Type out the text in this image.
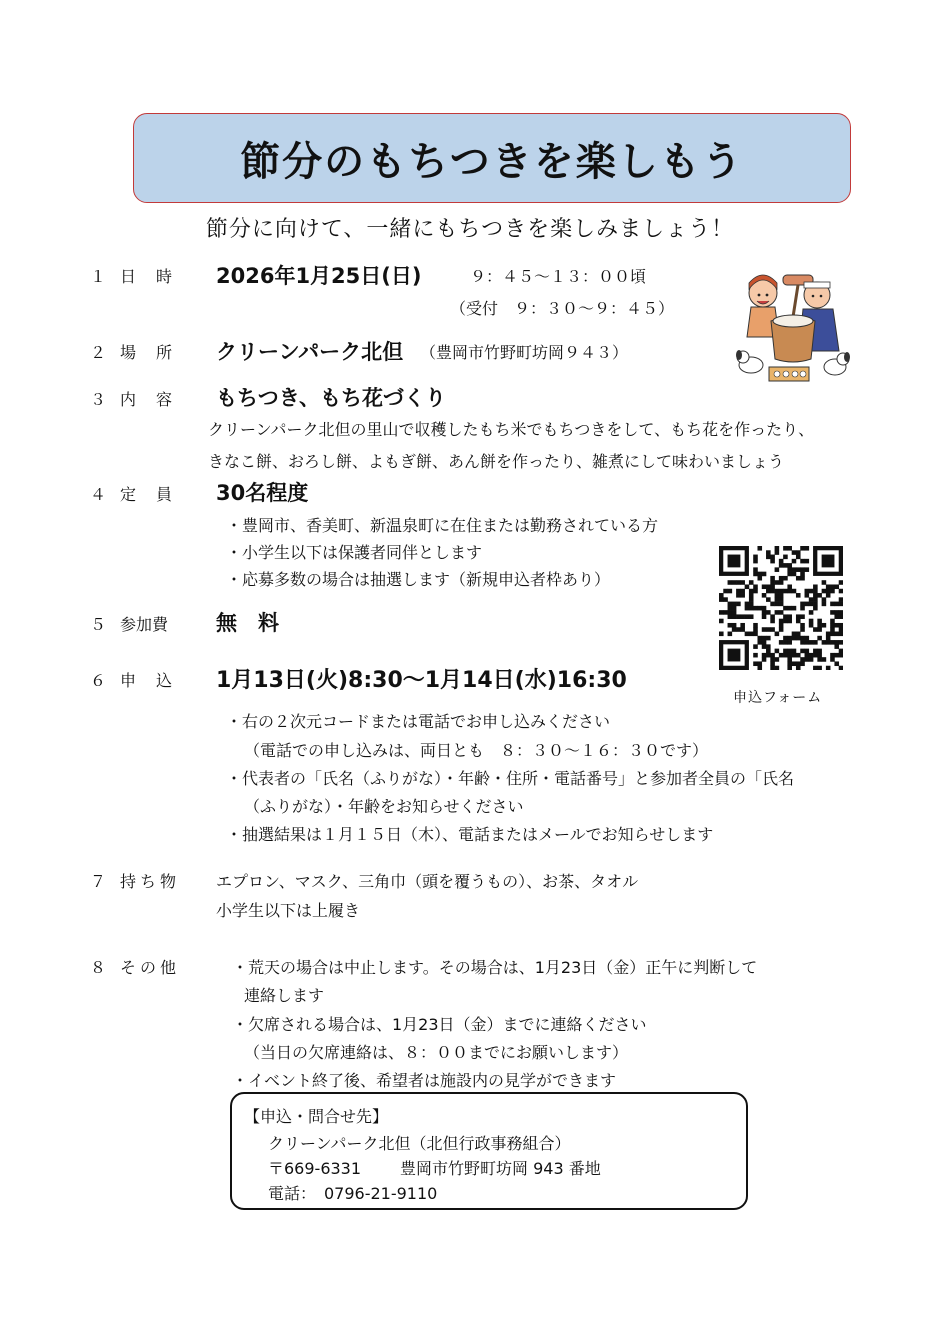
節分のもちつきを楽しもう
節分に向けて、一緒にもちつきを楽しみましょう！
１ 日　時 2026年1月25日(日)	９：４５～１３：００頃
（受付　９：３０～９：４５）
２ 場　所 クリーンパーク北但 （豊岡市竹野町坊岡９４３）
３ 内　容 もちつき、もち花づくり
クリーンパーク北但の里山で収穫したもち米でもちつきをして、もち花を作ったり、
きなこ餅、おろし餅、よもぎ餅、あん餅を作ったり、雑煮にして味わいましょう
４ 定　員 30名程度
・豊岡市、香美町、新温泉町に在住または勤務されている方
・小学生以下は保護者同伴とします
・応募多数の場合は抽選します（新規申込者枠あり）
５ 参加費 無　料
申込フォーム
６ 申　込 1月13日(火)8:30～1月14日(水)16:30
・右の２次元コードまたは電話でお申し込みください
（電話での申し込みは、両日とも　８：３０～１６：３０です）
・代表者の「氏名（ふりがな）・年齢・住所・電話番号」と参加者全員の「氏名
（ふりがな）・年齢をお知らせください
・抽選結果は１月１５日（木）、電話またはメールでお知らせします
７ 持ち物 エプロン、マスク、三角巾（頭を覆うもの）、お茶、タオル
小学生以下は上履き
８ その他	・荒天の場合は中止します。その場合は、1月23日（金）正午に判断して
連絡します
・欠席される場合は、1月23日（金）までに連絡ください
（当日の欠席連絡は、８：００までにお願いします）
・イベント終了後、希望者は施設内の見学ができます
【申込・問合せ先】
クリーンパーク北但（北但行政事務組合）
〒669-6331 豊岡市竹野町坊岡 943 番地
電話：　0796-21-9110
